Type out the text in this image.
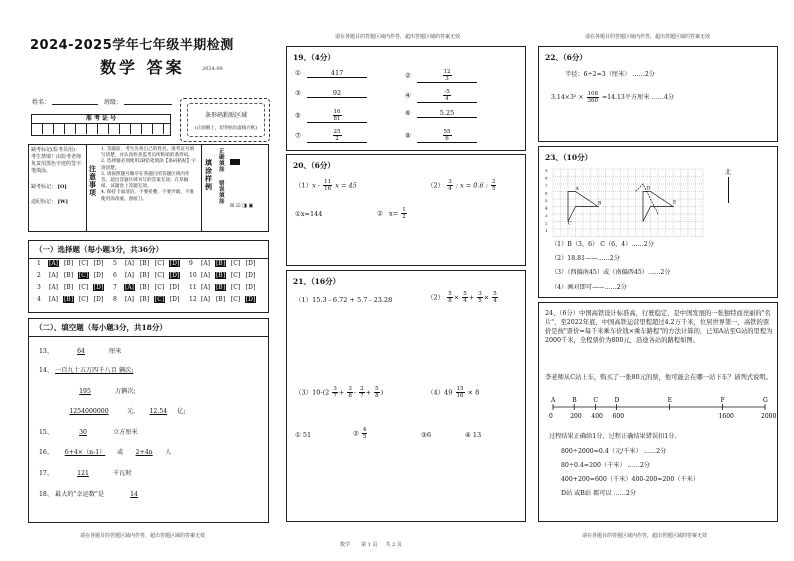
2024-2025学年七年级半期检测
数学 答案	2024.09
姓名：	班级：
准 考 证 号	条形码粘贴区域
(正面朝上，切勿贴出虚线方框)
缺考标记(监考员用)：考生禁填！由监考老师负责用黑色字迹的签字笔填涂。
缺考标记： [O]
违纪标记： [W]
注意事项
1. 答题前，考生先将自己的姓名、准考证号填写清楚，并认真检查监考员所粘贴的条形码。
2. 选择题必须使用2B铅笔填涂【条码粘贴】字迹清楚。
3. 请按照题号顺序在各题目的答题区域内作答，超出答题区域书写的答案无效；在草稿纸、试题卷上答题无效。
4. 保持卡面清洁，不要折叠、不要弄破，不准使用涂改液、刮纸刀。
填涂样例
正确填涂
错误填涂
☒ ☑ ◨ ▣
（一）选择题（每小题3分，共36分）
1 [A] [B] [C] [D] 5 [A] [B] [C] [D] 9 [A] [B] [C] [D]
2 [A] [B] [C] [D] 6 [A] [B] [C] [D] 10 [A] [B] [C] [D]
3 [A] [B] [C] [D] 7 [A] [B] [C] [D] 11 [A] [B] [C] [D]
4 [A] [B] [C] [D] 8 [A] [B] [C] [D] 12 [A] [B] [C] [D]
（二）、填空题（每小题3分，共18分）
13、	64	厘米
14、 一百九十五万四千八百 辆次;
195	万辆次;
1254000000	元， 12.54 亿;
15、	30	立方厘米
16、 6+4×（n-1） 或 2+4n 人
17、	121	千瓦时
18、 最大的"幸运数"是	14
请在各题目的答题区域内作答，超出答题区域的答案无效
请在各题目的答题区域内作答，超出答题区域的答案无效
19、（4分）
①	417	②	$\frac{12}{3}$
③	92	④	$\frac{-5}{4}$
⑤	$\frac{16}{81}$	⑥	5.25
⑦	$\frac{25}{2}$	⑧	$\frac{55}{6}$
20、（6分）
$(1)x - \frac{11}{16}$ x = 45	$(2) \frac{3}{4}$ : x = 0.6 : $\frac{2}{5}$
①x=144	② $x= \frac{1}{2}$
21、（16分）
（1）15.3 - 6.72 + 5.7 - 23.28	$(2) \frac{5}{8} \times \frac{5}{4} + \frac{3}{5} \times \frac{5}{4}$
$(3)10-(2 \frac{3}{7} + \frac{3}{8} - \frac{2}{7} + \frac{5}{8}$ )	$(4)49 \frac{15}{16} \times 8$
① 51	② $\frac{4}{5}$	③6	④ 13
数学 第 1 页 共 2 页
请在各题目的答题区域内作答，超出答题区域的答案无效
22、（6分）
半径：6÷2=3（厘米） ……2分
$3.14\times 3^2 \times \frac{108}{360} =14.13$平方厘米 ……4分
23、（10分）
9
8
7
6
5
4
3
2
1
A
B
C
D
E
北
（1）B（3，6） C（6，4）……2分
（2）18.81——……2分
（3）（西偏南45）或（南偏西45）……2分
（4）画对即可——……2分
24、（6分）中国高铁设计标准高，行驶稳定，是中国发展的一张独特而亮丽的"名片"，至2022年底，中国高铁运营里程超过4.2万千米，位居世界第一，高铁的票价是按"票价=每千米乘车价钱×乘车路程"的方法计算的，已知A站至G站的里程为2000千米，全程票价为800元，沿途各站的路程如图。
李老师从C站上车，购买了一张80元的票，他可能会在哪一站下车？请列式说明。
A	B	C	D	E	F	G
0	200 400 600	1600	2000
过程结果正确给1分，过程正确结果错误扣1分。
800÷2000=0.4（元/千米） ……2分
80÷0.4=200（千米） ……2分
400+200=600（千米）400-200=200（千米）
D站 或B站 都可以 ……2分
请在各题目的答题区域内作答，超出答题区域的答案无效
